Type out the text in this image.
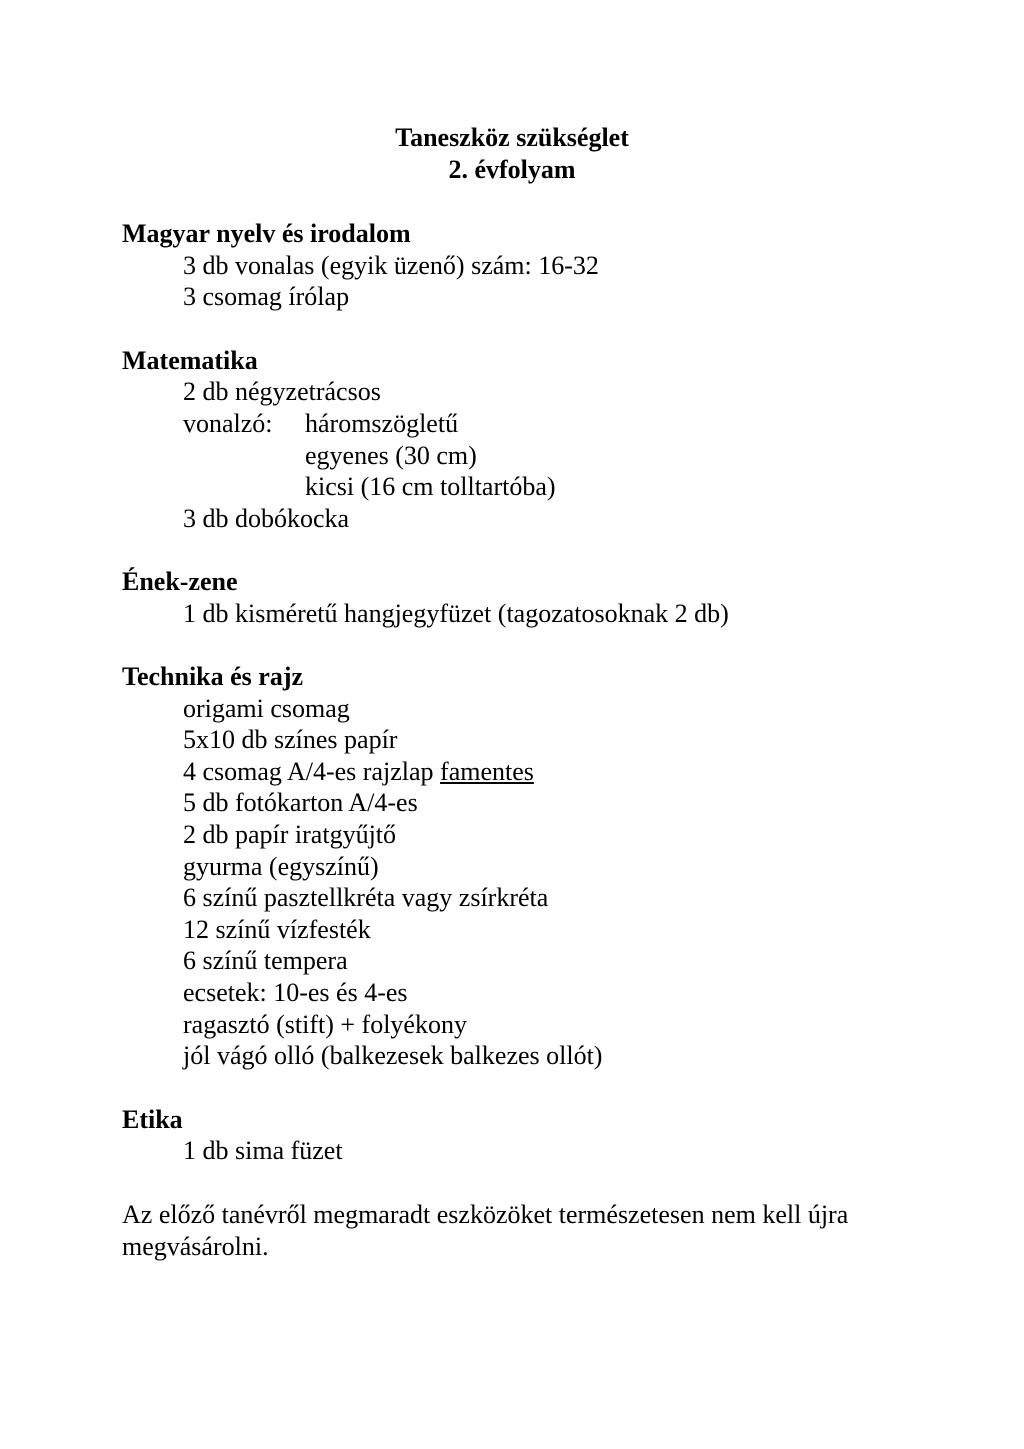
Taneszköz szükséglet

2. évfolyam

Magyar nyelv és irodalom

3 db vonalas (egyik üzenő) szám: 16-32

3 csomag írólap

Matematika

2 db négyzetrácsos

vonalzó: háromszögletű

egyenes (30 cm)

kicsi (16 cm tolltartóba)

3 db dobókocka

Ének-zene

1 db kisméretű hangjegyfüzet (tagozatosoknak 2 db)

Technika és rajz

origami csomag

5x10 db színes papír

4 csomag A/4-es rajzlap famentes

5 db fotókarton A/4-es

2 db papír iratgyűjtő

gyurma (egyszínű)

6 színű pasztellkréta vagy zsírkréta

12 színű vízfesték

6 színű tempera

ecsetek: 10-es és 4-es

ragasztó (stift) + folyékony

jól vágó olló (balkezesek balkezes ollót)

Etika

1 db sima füzet

Az előző tanévről megmaradt eszközöket természetesen nem kell újra megvásárolni.
